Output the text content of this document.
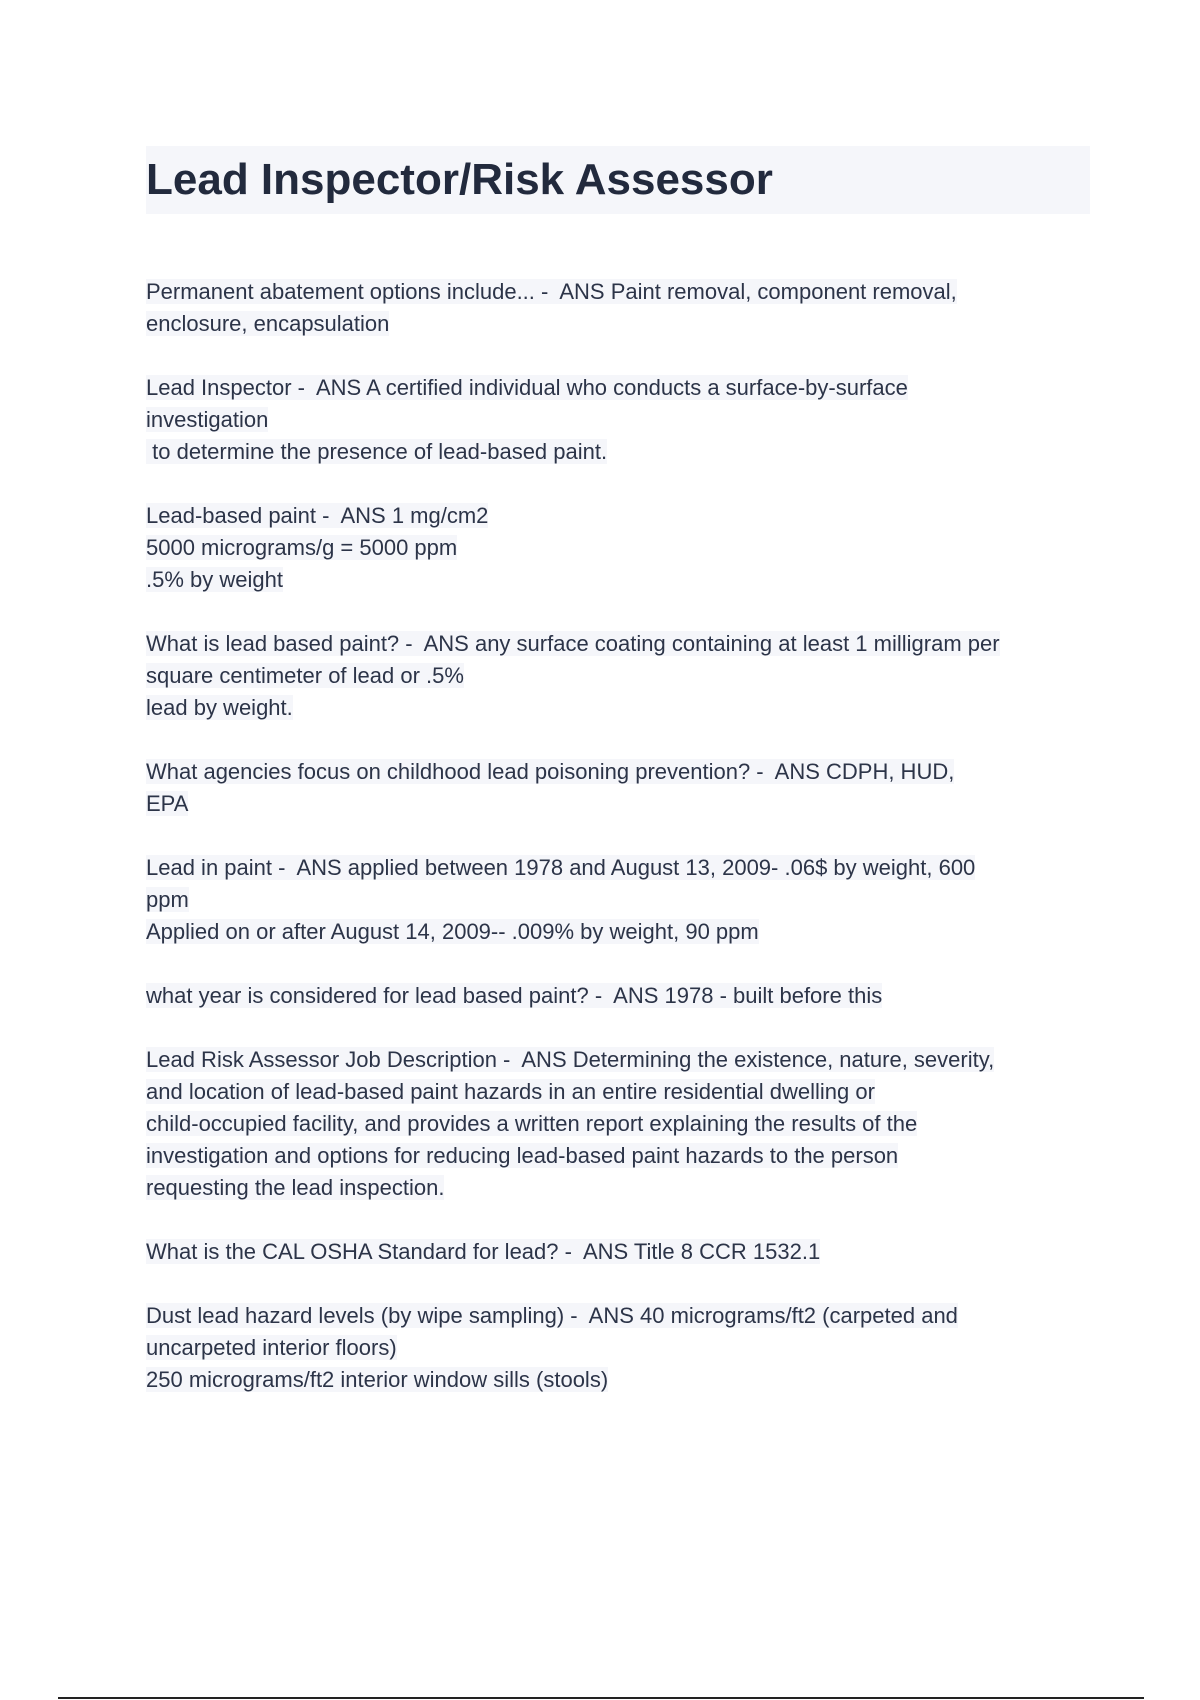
Lead Inspector/Risk Assessor
Permanent abatement options include... -  ANS Paint removal, component removal,
enclosure, encapsulation
Lead Inspector -  ANS A certified individual who conducts a surface-by-surface
investigation
to determine the presence of lead-based paint.
Lead-based paint -  ANS 1 mg/cm2
5000 micrograms/g = 5000 ppm
.5% by weight
What is lead based paint? -  ANS any surface coating containing at least 1 milligram per
square centimeter of lead or .5%
lead by weight.
What agencies focus on childhood lead poisoning prevention? -  ANS CDPH, HUD,
EPA
Lead in paint -  ANS applied between 1978 and August 13, 2009- .06$ by weight, 600
ppm
Applied on or after August 14, 2009-- .009% by weight, 90 ppm
what year is considered for lead based paint? -  ANS 1978 - built before this
Lead Risk Assessor Job Description -  ANS Determining the existence, nature, severity,
and location of lead-based paint hazards in an entire residential dwelling or
child-occupied facility, and provides a written report explaining the results of the
investigation and options for reducing lead-based paint hazards to the person
requesting the lead inspection.
What is the CAL OSHA Standard for lead? -  ANS Title 8 CCR 1532.1
Dust lead hazard levels (by wipe sampling) -  ANS 40 micrograms/ft2 (carpeted and
uncarpeted interior floors)
250 micrograms/ft2 interior window sills (stools)
